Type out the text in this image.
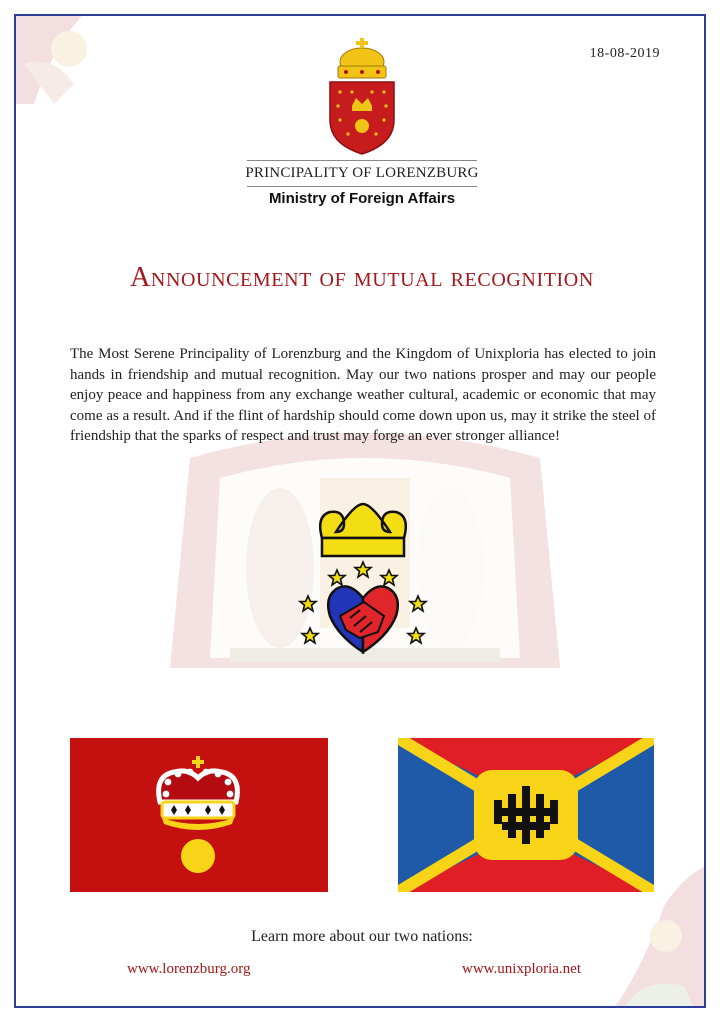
18-08-2019
PRINCIPALITY OF LORENZBURG
Ministry of Foreign Affairs
Announcement of mutual recognition
The Most Serene Principality of Lorenzburg and the Kingdom of Unixploria has elected to join hands in friendship and mutual recognition. May our two nations prosper and may our people enjoy peace and happiness from any exchange weather cultural, academic or economic that may come as a result. And if the flint of hardship should come down upon us, may it strike the steel of friendship that the sparks of respect and trust may forge an ever stronger alliance!
Learn more about our two nations:
www.lorenzburg.org	www.unixploria.net
